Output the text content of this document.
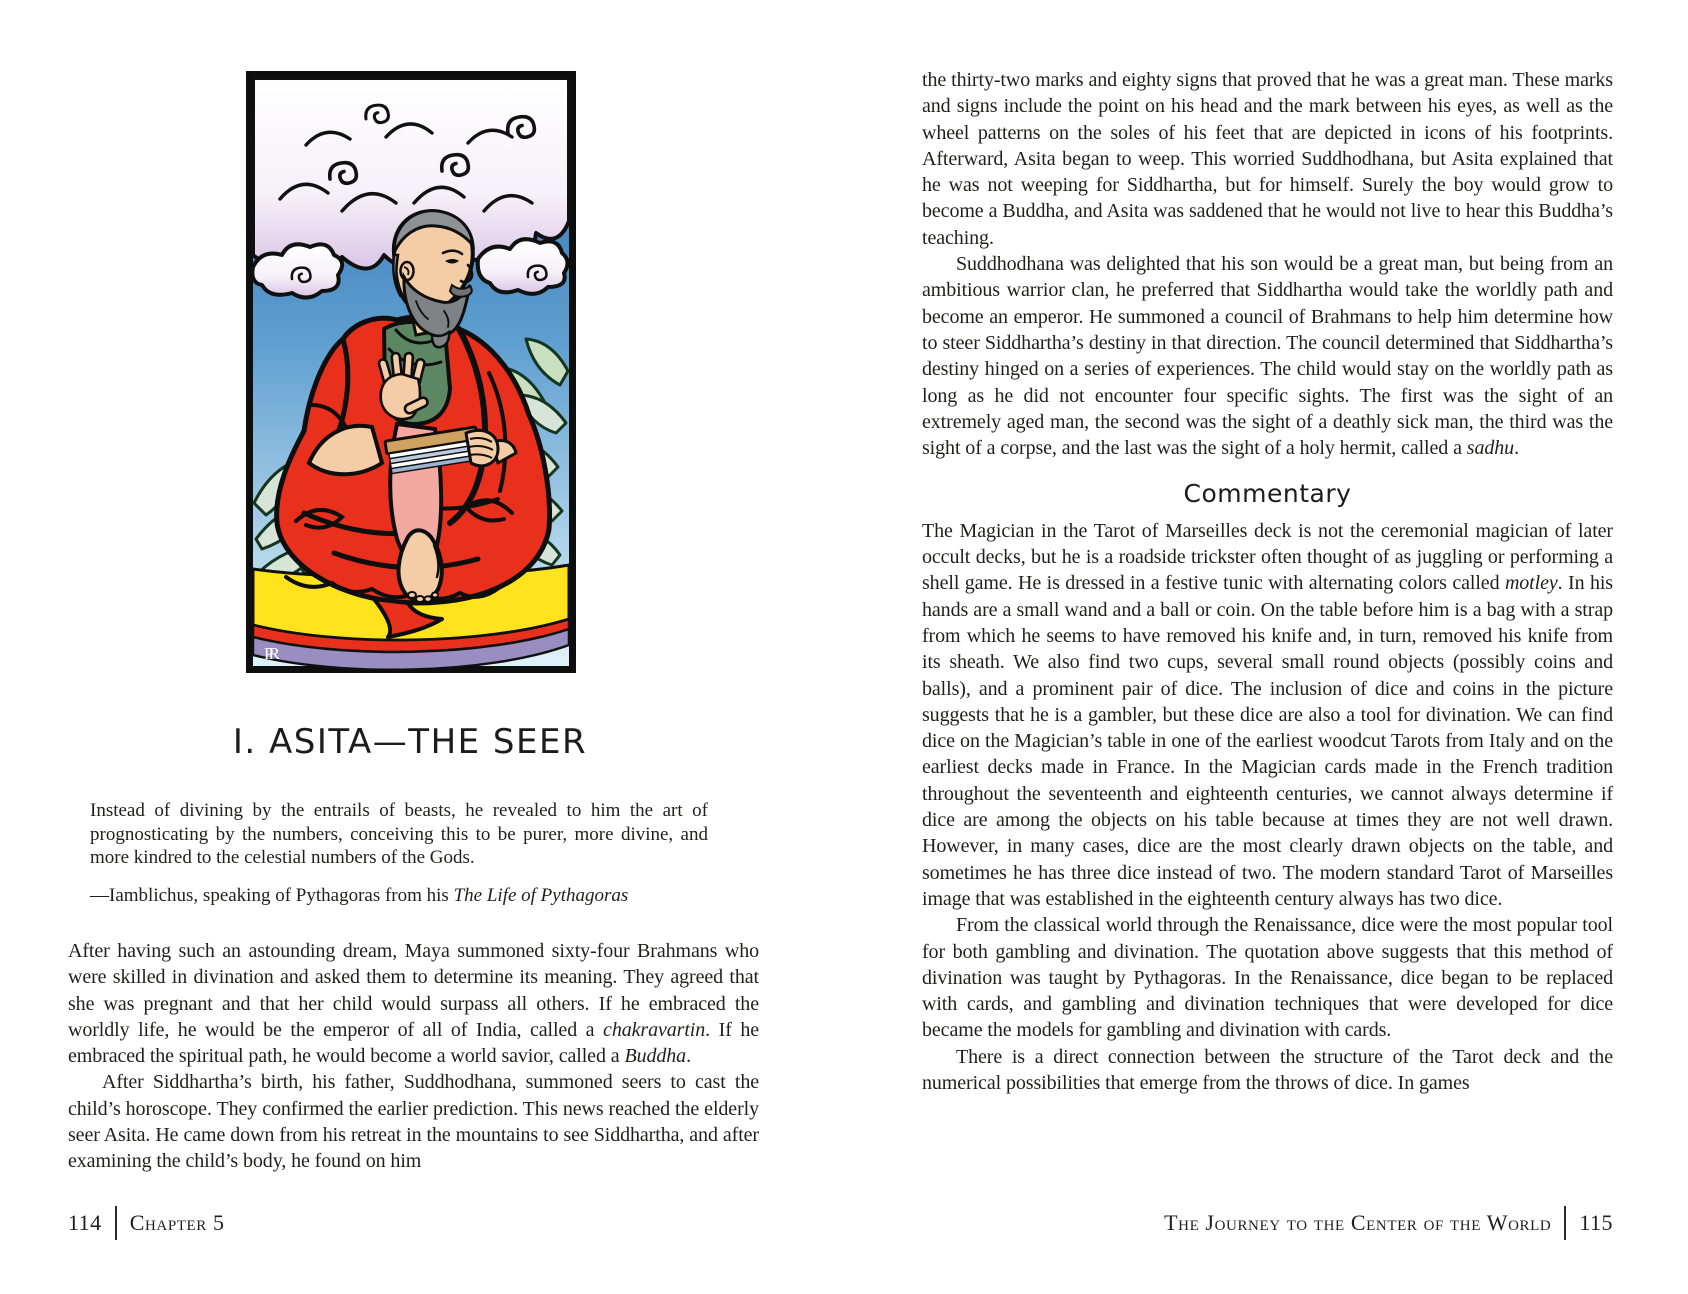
PR
I. ASITA—THE SEER

Instead of divining by the entrails of beasts, he revealed to him the art of prognosticating by the numbers, conceiving this to be purer, more divine, and more kindred to the celestial numbers of the Gods.

—Iamblichus, speaking of Pythagoras from his The Life of Pythagoras

After having such an astounding dream, Maya summoned sixty-four Brahmans who were skilled in divination and asked them to determine its meaning. They agreed that she was pregnant and that her child would surpass all others. If he embraced the worldly life, he would be the emperor of all of India, called a chakravartin. If he embraced the spiritual path, he would become a world savior, called a Buddha.

After Siddhartha’s birth, his father, Suddhodhana, summoned seers to cast the child’s horoscope. They confirmed the earlier prediction. This news reached the elderly seer Asita. He came down from his retreat in the mountains to see Siddhartha, and after examining the child’s body, he found on him

114 Chapter 5

the thirty-two marks and eighty signs that proved that he was a great man. These marks and signs include the point on his head and the mark between his eyes, as well as the wheel patterns on the soles of his feet that are depicted in icons of his footprints. Afterward, Asita began to weep. This worried Suddhodhana, but Asita explained that he was not weeping for Siddhartha, but for himself. Surely the boy would grow to become a Buddha, and Asita was saddened that he would not live to hear this Buddha’s teaching.

Suddhodhana was delighted that his son would be a great man, but being from an ambitious warrior clan, he preferred that Siddhartha would take the worldly path and become an emperor. He summoned a council of Brahmans to help him determine how to steer Siddhartha’s destiny in that direction. The council determined that Siddhartha’s destiny hinged on a series of experiences. The child would stay on the worldly path as long as he did not encounter four specific sights. The first was the sight of an extremely aged man, the second was the sight of a deathly sick man, the third was the sight of a corpse, and the last was the sight of a holy hermit, called a sadhu.

Commentary

The Magician in the Tarot of Marseilles deck is not the ceremonial magician of later occult decks, but he is a roadside trickster often thought of as juggling or performing a shell game. He is dressed in a festive tunic with alternating colors called motley. In his hands are a small wand and a ball or coin. On the table before him is a bag with a strap from which he seems to have removed his knife and, in turn, removed his knife from its sheath. We also find two cups, several small round objects (possibly coins and balls), and a prominent pair of dice. The inclusion of dice and coins in the picture suggests that he is a gambler, but these dice are also a tool for divination. We can find dice on the Magician’s table in one of the earliest woodcut Tarots from Italy and on the earliest decks made in France. In the Magician cards made in the French tradition throughout the seventeenth and eighteenth centuries, we cannot always determine if dice are among the objects on his table because at times they are not well drawn. However, in many cases, dice are the most clearly drawn objects on the table, and sometimes he has three dice instead of two. The modern standard Tarot of Marseilles image that was established in the eighteenth century always has two dice.

From the classical world through the Renaissance, dice were the most popular tool for both gambling and divination. The quotation above suggests that this method of divination was taught by Pythagoras. In the Renaissance, dice began to be replaced with cards, and gambling and divination techniques that were developed for dice became the models for gambling and divination with cards.

There is a direct connection between the structure of the Tarot deck and the numerical possibilities that emerge from the throws of dice. In games

The Journey to the Center of the World 115
